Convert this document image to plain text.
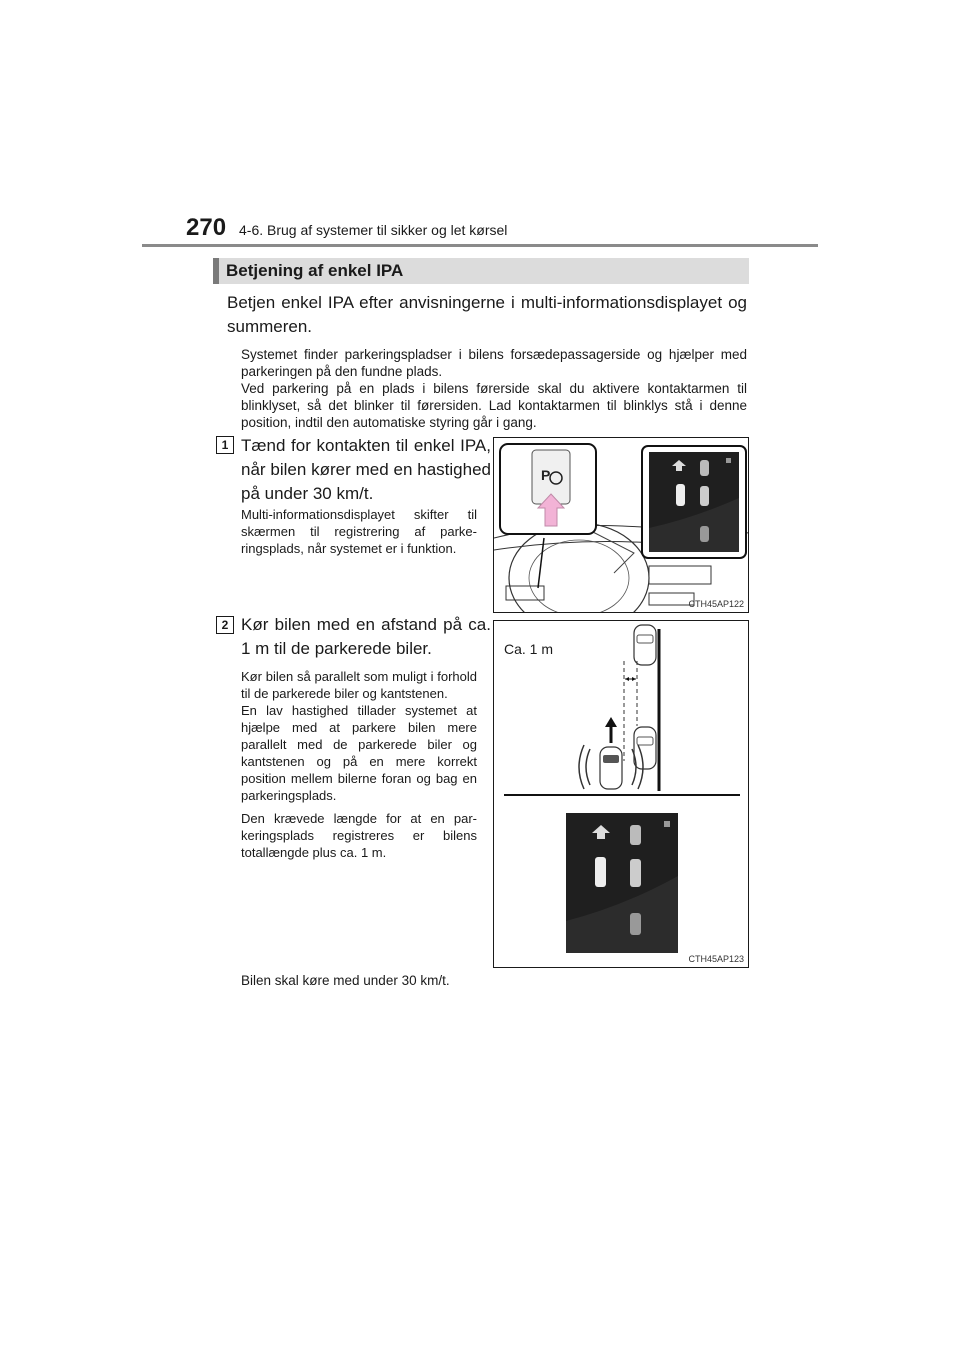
270 4-6. Brug af systemer til sikker og let kørsel
Betjening af enkel IPA
Betjen enkel IPA efter anvisningerne i multi-informationsdisplayet og summeren.

Systemet finder parkeringspladser i bilens forsædepassagerside og hjælper med parkeringen på den fundne plads.

Ved parkering på en plads i bilens førerside skal du aktivere kontaktarmen til blinklyset, så det blinker til førersiden. Lad kontaktarmen til blinklys stå i denne position, indtil den automatiske styring går i gang.

1 Tænd for kontakten til enkel IPA, når bilen kører med en hastighed på under 30 km/t.
Multi-informationsdisplayet skifter til skærmen til registrering af parke-ringsplads, når systemet er i funktion.
P
CTH45AP122
2 Kør bilen med en afstand på ca. 1 m til de parkerede biler.

Kør bilen så parallelt som muligt i forhold til de parkerede biler og kantstenen.

En lav hastighed tillader systemet at hjælpe med at parkere bilen mere parallelt med de parkerede biler og kantstenen og på en mere korrekt position mellem bilerne foran og bag en parkeringsplads.

Den krævede længde for at en par-keringsplads registreres er bilens totallængde plus ca. 1 m.

Ca. 1 m
CTH45AP123
Bilen skal køre med under 30 km/t.
